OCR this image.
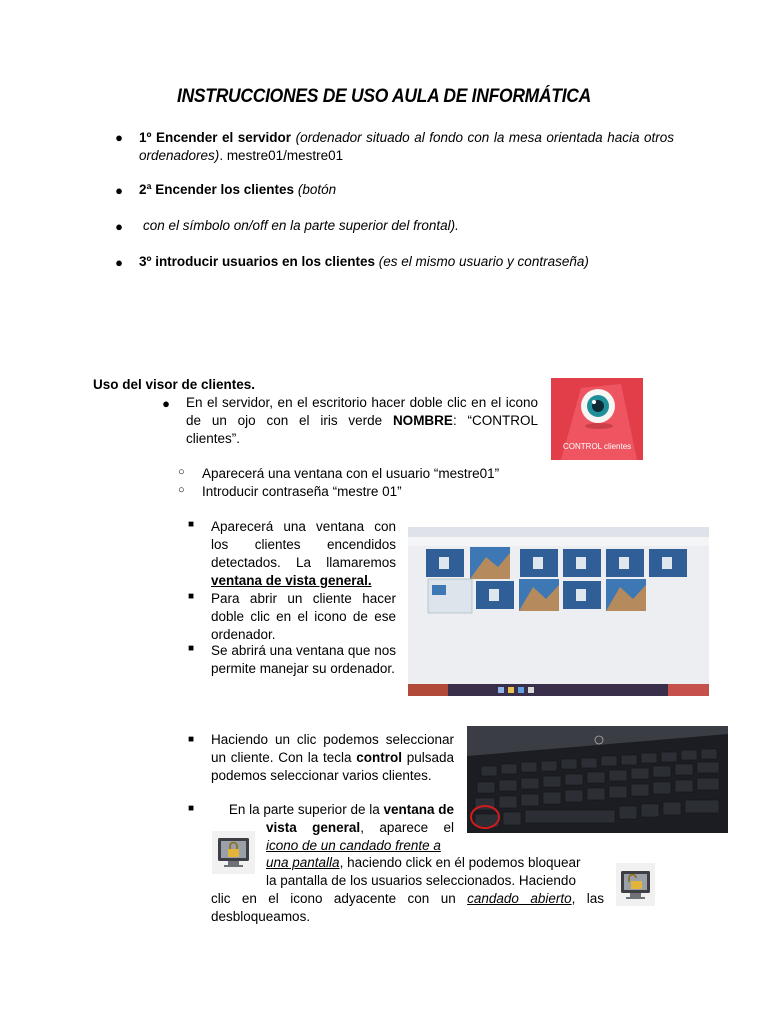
INSTRUCCIONES DE USO AULA DE INFORMÁTICA
● 1º Encender el servidor (ordenador situado al fondo con la mesa orientada hacia otros ordenadores). mestre01/mestre01
● 2ª Encender los clientes (botón
● con el símbolo on/off en la parte superior del frontal).
● 3º introducir usuarios en los clientes (es el mismo usuario y contraseña)
Uso del visor de clientes.
● En el servidor, en el escritorio hacer doble clic en el icono de un ojo con el iris verde NOMBRE: “CONTROL clientes”.
CONTROL clientes
○ Aparecerá una ventana con el usuario “mestre01”
○ Introducir contraseña “mestre 01”
■ Aparecerá una ventana con los clientes encendidos detectados. La llamaremos ventana de vista general.
■ Para abrir un cliente hacer doble clic en el icono de ese ordenador.
■ Se abrirá una ventana que nos permite manejar su ordenador.
■ Haciendo un clic podemos seleccionar un cliente. Con la tecla control pulsada podemos seleccionar varios clientes.
■	En la parte superior de la ventana de
vista general, aparece el
icono de un candado frente a
una pantalla, haciendo click en él podemos bloquear
la pantalla de los usuarios seleccionados. Haciendo
clic en el icono adyacente con un candado abierto, las
desbloqueamos.
